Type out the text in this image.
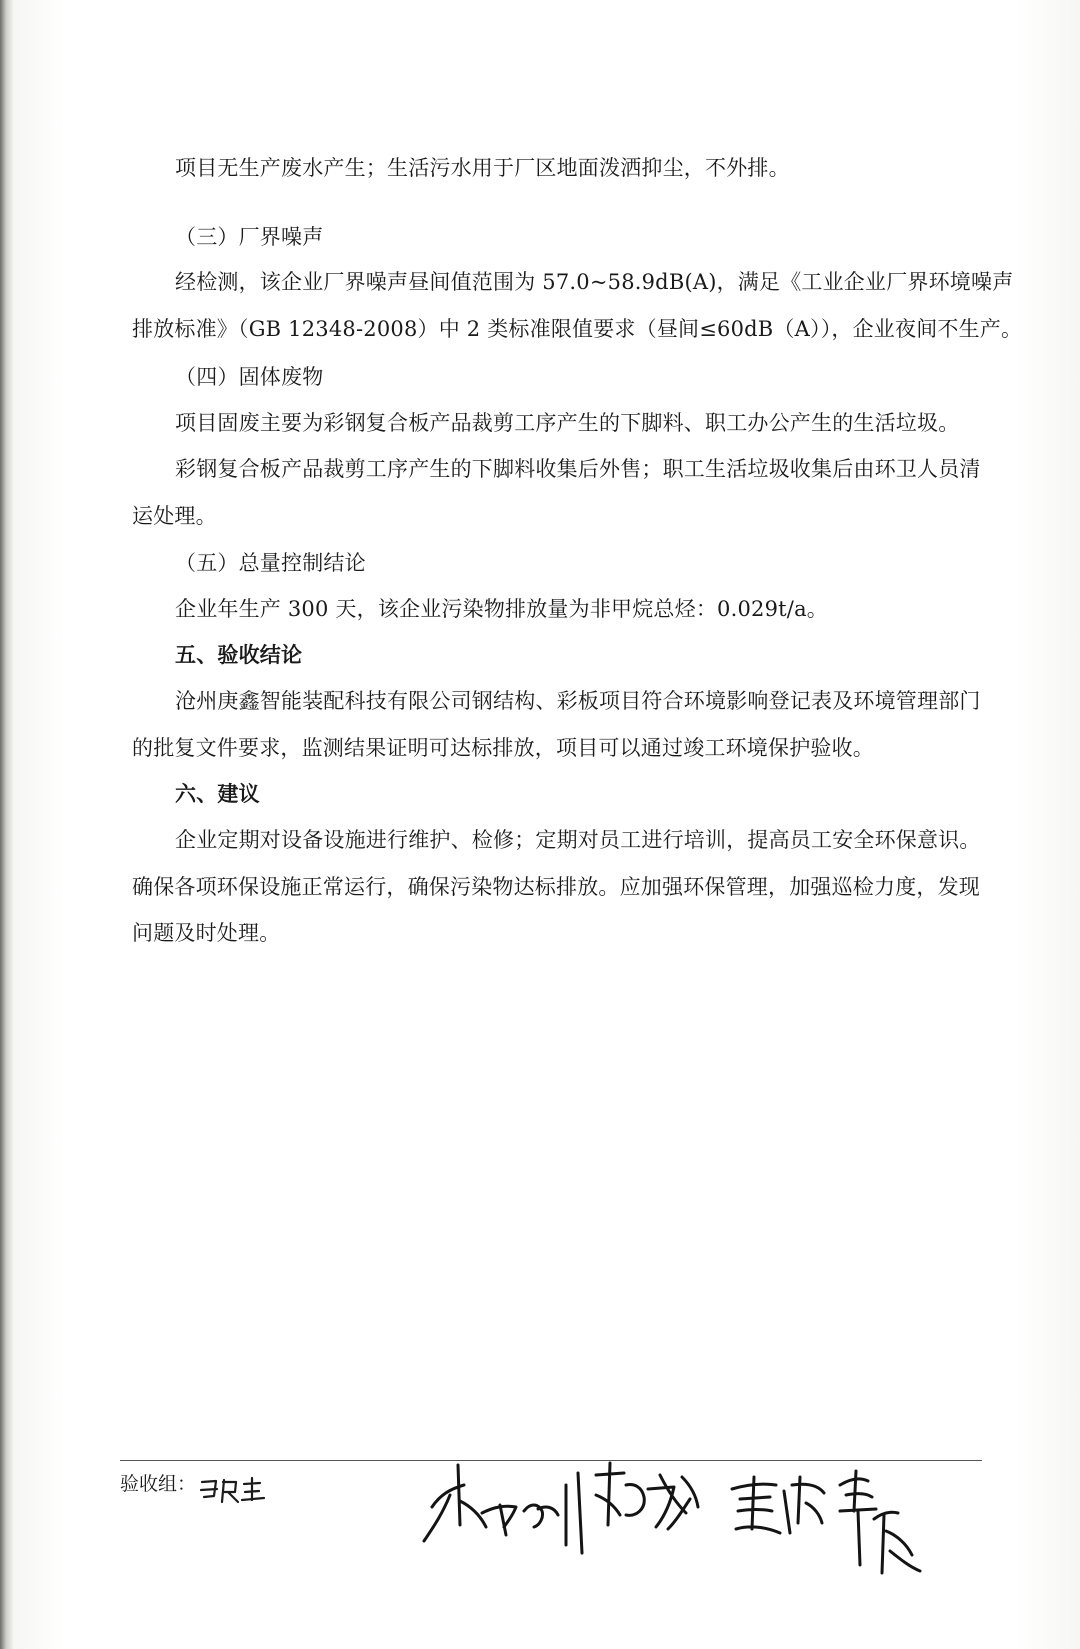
项目无生产废水产生；生活污水用于厂区地面泼洒抑尘，不外排。
（三）厂界噪声
经检测，该企业厂界噪声昼间值范围为 57.0~58.9dB(A)，满足《工业企业厂界环境噪声
排放标准》（GB 12348-2008）中 2 类标准限值要求（昼间≤60dB（A）），企业夜间不生产。
（四）固体废物
项目固废主要为彩钢复合板产品裁剪工序产生的下脚料、职工办公产生的生活垃圾。
彩钢复合板产品裁剪工序产生的下脚料收集后外售；职工生活垃圾收集后由环卫人员清
运处理。
（五）总量控制结论
企业年生产 300 天，该企业污染物排放量为非甲烷总烃：0.029t/a。
五、验收结论
沧州庚鑫智能装配科技有限公司钢结构、彩板项目符合环境影响登记表及环境管理部门
的批复文件要求，监测结果证明可达标排放，项目可以通过竣工环境保护验收。
六、建议
企业定期对设备设施进行维护、检修；定期对员工进行培训，提高员工安全环保意识。
确保各项环保设施正常运行，确保污染物达标排放。应加强环保管理，加强巡检力度，发现
问题及时处理。
验收组：
